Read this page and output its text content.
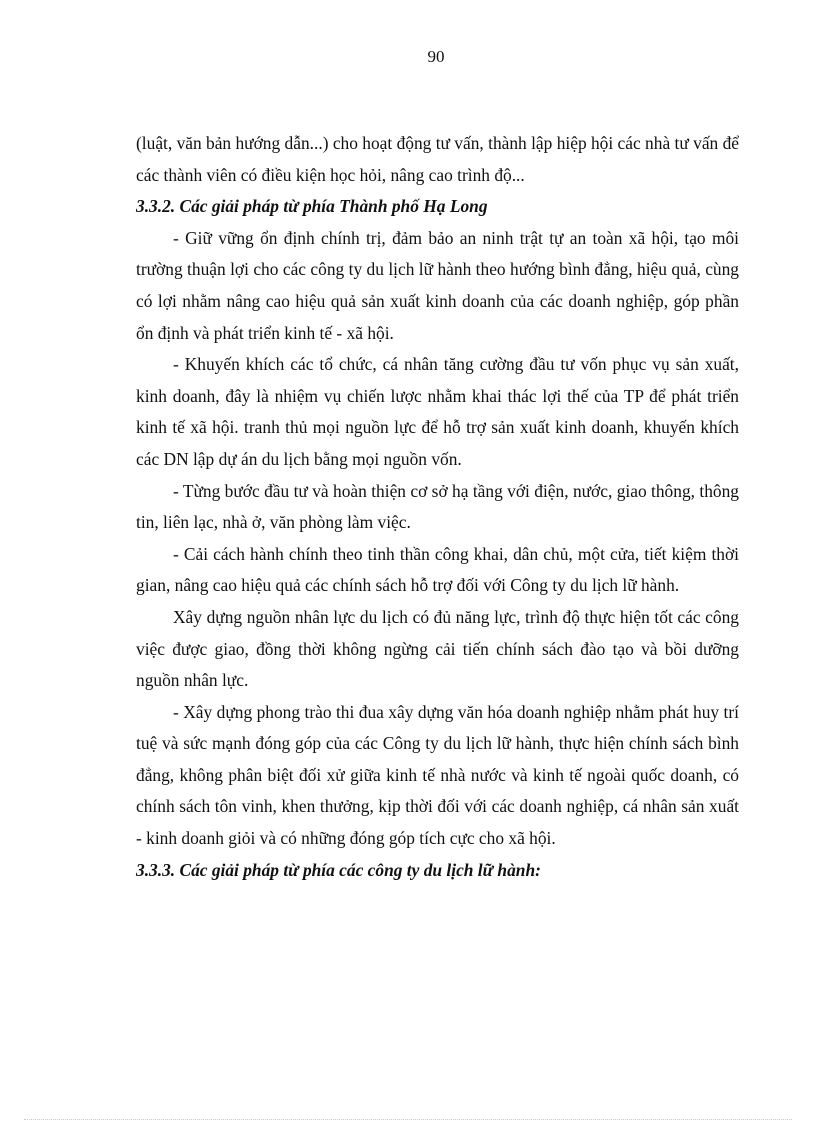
90

(luật, văn bản hướng dẫn...) cho hoạt động tư vấn, thành lập hiệp hội các nhà tư vấn để các thành viên có điều kiện học hỏi, nâng cao trình độ...

3.3.2. Các giải pháp từ phía Thành phố Hạ Long

- Giữ vững ổn định chính trị, đảm bảo an ninh trật tự an toàn xã hội, tạo môi trường thuận lợi cho các công ty du lịch lữ hành theo hướng bình đẳng, hiệu quả, cùng có lợi nhằm nâng cao hiệu quả sản xuất kinh doanh của các doanh nghiệp, góp phần ổn định và phát triển kinh tế - xã hội.

- Khuyến khích các tổ chức, cá nhân tăng cường đầu tư vốn phục vụ sản xuất, kinh doanh, đây là nhiệm vụ chiến lược nhằm khai thác lợi thế của TP để phát triển kinh tế xã hội. tranh thủ mọi nguồn lực để hỗ trợ sản xuất kinh doanh, khuyến khích các DN lập dự án du lịch bằng mọi nguồn vốn.

- Từng bước đầu tư và hoàn thiện cơ sở hạ tầng với điện, nước, giao thông, thông tin, liên lạc, nhà ở, văn phòng làm việc.

- Cải cách hành chính theo tinh thần công khai, dân chủ, một cửa, tiết kiệm thời gian, nâng cao hiệu quả các chính sách hỗ trợ đối với Công ty du lịch lữ hành.

Xây dựng nguồn nhân lực du lịch có đủ năng lực, trình độ thực hiện tốt các công việc được giao, đồng thời không ngừng cải tiến chính sách đào tạo và bồi dưỡng nguồn nhân lực.

- Xây dựng phong trào thi đua xây dựng văn hóa doanh nghiệp nhằm phát huy trí tuệ và sức mạnh đóng góp của các Công ty du lịch lữ hành, thực hiện chính sách bình đẳng, không phân biệt đối xử giữa kinh tế nhà nước và kinh tế ngoài quốc doanh, có chính sách tôn vinh, khen thưởng, kịp thời đối với các doanh nghiệp, cá nhân sản xuất - kinh doanh giỏi và có những đóng góp tích cực cho xã hội.

3.3.3. Các giải pháp từ phía các công ty du lịch lữ hành:
